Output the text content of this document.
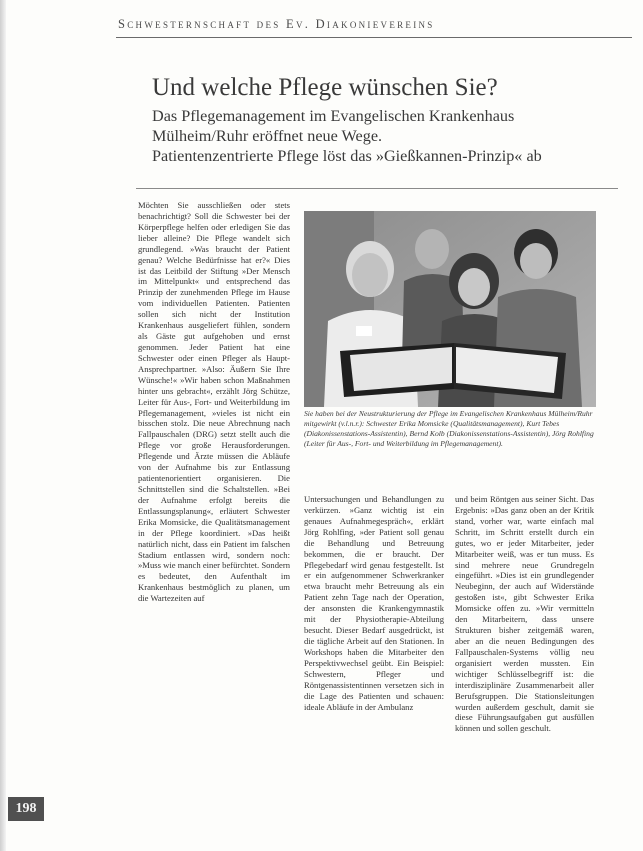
Schwesternschaft des Ev. Diakonievereins
Und welche Pflege wünschen Sie?
Das Pflegemanagement im Evangelischen Krankenhaus
Mülheim/Ruhr eröffnet neue Wege.
Patientenzentrierte Pflege löst das »Gießkannen-Prinzip« ab

Möchten Sie ausschließen oder stets benachrichtigt? Soll die Schwester bei der Körperpflege helfen oder erledigen Sie das lieber alleine? Die Pflege wandelt sich grundlegend. »Was braucht der Patient genau? Welche Bedürfnisse hat er?« Dies ist das Leitbild der Stiftung »Der Mensch im Mittelpunkt« und entsprechend das Prinzip der zunehmenden Pflege im Hause vom individuellen Patienten. Patienten sollen sich nicht der Institution Krankenhaus ausgeliefert fühlen, sondern als Gäste gut aufgehoben und ernst genommen. Jeder Patient hat eine Schwester oder einen Pfleger als Haupt-Ansprechpartner. »Also: Äußern Sie Ihre Wünsche!« »Wir haben schon Maßnahmen hinter uns gebracht«, erzählt Jörg Schütze, Leiter für Aus-, Fort- und Weiterbildung im Pflegemanagement, »vieles ist nicht ein bisschen stolz. Die neue Abrechnung nach Fallpauschalen (DRG) setzt stellt auch die Pflege vor große Herausforderungen. Pflegende und Ärzte müssen die Abläufe von der Aufnahme bis zur Entlassung patientenorientiert organisieren. Die Schnittstellen sind die Schaltstellen. »Bei der Aufnahme erfolgt bereits die Entlassungsplanung«, erläutert Schwester Erika Momsicke, die Qualitätsmanagement in der Pflege koordiniert. »Das heißt natürlich nicht, dass ein Patient im falschen Stadium entlassen wird, sondern noch: »Muss wie manch einer befürchtet. Sondern es bedeutet, den Aufenthalt im Krankenhaus bestmöglich zu planen, um die Wartezeiten auf

Sie haben bei der Neustrukturierung der Pflege im Evangelischen Krankenhaus Mülheim/Ruhr mitgewirkt (v.l.n.r.): Schwester Erika Momsicke (Qualitätsmanagement), Kurt Tebes (Diakonissenstations-Assistentin), Bernd Kolb (Diakonissenstations-Assistentin), Jörg Rohlfing (Leiter für Aus-, Fort- und Weiterbildung im Pflegemanagement).

Untersuchungen und Behandlungen zu verkürzen. »Ganz wichtig ist ein genaues Aufnahmegespräch«, erklärt Jörg Rohlfing, »der Patient soll genau die Behandlung und Betreuung bekommen, die er braucht. Der Pflegebedarf wird genau festgestellt. Ist er ein aufgenommener Schwerkranker etwa braucht mehr Betreuung als ein Patient zehn Tage nach der Operation, der ansonsten die Krankengymnastik mit der Physiotherapie-Abteilung besucht. Dieser Bedarf ausgedrückt, ist die tägliche Arbeit auf den Stationen. In Workshops haben die Mitarbeiter den Perspektivwechsel geübt. Ein Beispiel: Schwestern, Pfleger und Röntgenassistentinnen versetzen sich in die Lage des Patienten und schauen: ideale Abläufe in der Ambulanz

und beim Röntgen aus seiner Sicht. Das Ergebnis: »Das ganz oben an der Kritik stand, vorher war, warte einfach mal Schritt, im Schritt erstellt durch ein gutes, wo er jeder Mitarbeiter, jeder Mitarbeiter weiß, was er tun muss. Es sind mehrere neue Grundregeln eingeführt. »Dies ist ein grundlegender Neubeginn, der auch auf Widerstände gestoßen ist«, gibt Schwester Erika Momsicke offen zu. »Wir vermitteln den Mitarbeitern, dass unsere Strukturen bisher zeitgemäß waren, aber an die neuen Bedingungen des Fallpauschalen-Systems völlig neu organisiert werden mussten. Ein wichtiger Schlüsselbegriff ist: die interdisziplinäre Zusammenarbeit aller Berufsgruppen. Die Stationsleitungen wurden außerdem geschult, damit sie diese Führungsaufgaben gut ausfüllen können und sollen geschult.

198
